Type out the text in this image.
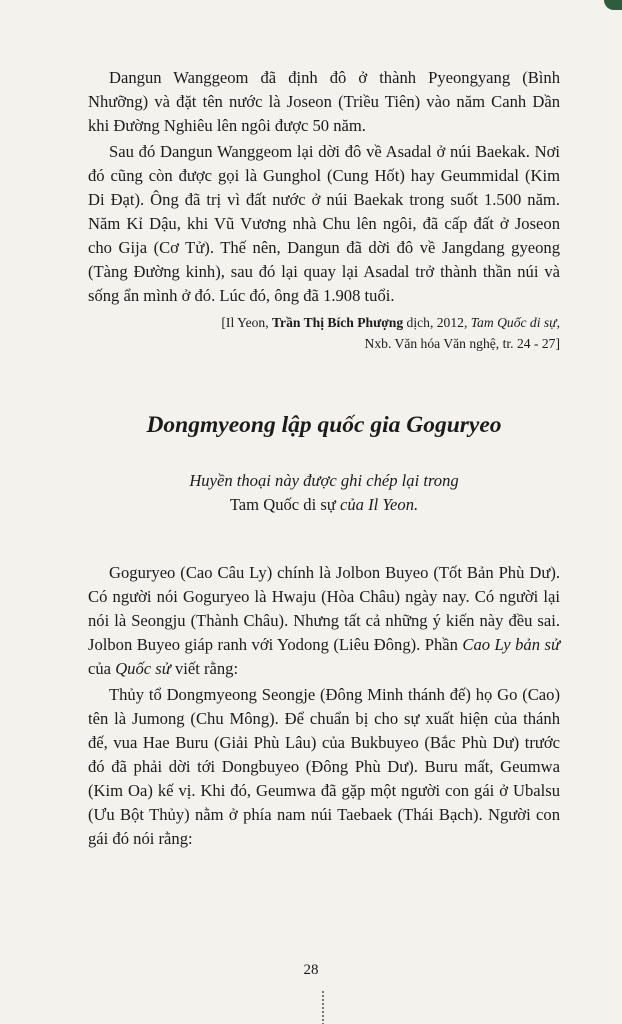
Dangun Wanggeom đã định đô ở thành Pyeongyang (Bình Nhưỡng) và đặt tên nước là Joseon (Triều Tiên) vào năm Canh Dần khi Đường Nghiêu lên ngôi được 50 năm.

Sau đó Dangun Wanggeom lại dời đô về Asadal ở núi Baekak. Nơi đó cũng còn được gọi là Gunghol (Cung Hốt) hay Geummidal (Kim Di Đạt). Ông đã trị vì đất nước ở núi Baekak trong suốt 1.500 năm. Năm Kỉ Dậu, khi Vũ Vương nhà Chu lên ngôi, đã cấp đất ở Joseon cho Gija (Cơ Tử). Thế nên, Dangun đã dời đô về Jangdang gyeong (Tàng Đường kinh), sau đó lại quay lại Asadal trở thành thần núi và sống ẩn mình ở đó. Lúc đó, ông đã 1.908 tuổi.

[Il Yeon, Trần Thị Bích Phượng dịch, 2012, Tam Quốc di sự,
Nxb. Văn hóa Văn nghệ, tr. 24 - 27]
Dongmyeong lập quốc gia Goguryeo
Huyền thoại này được ghi chép lại trong
Tam Quốc di sự của Il Yeon.

Goguryeo (Cao Câu Ly) chính là Jolbon Buyeo (Tốt Bản Phù Dư). Có người nói Goguryeo là Hwaju (Hòa Châu) ngày nay. Có người lại nói là Seongju (Thành Châu). Nhưng tất cả những ý kiến này đều sai. Jolbon Buyeo giáp ranh với Yodong (Liêu Đông). Phần Cao Ly bản sử của Quốc sử viết rằng:

Thủy tổ Dongmyeong Seongje (Đông Minh thánh đế) họ Go (Cao) tên là Jumong (Chu Mông). Để chuẩn bị cho sự xuất hiện của thánh đế, vua Hae Buru (Giải Phù Lâu) của Bukbuyeo (Bắc Phù Dư) trước đó đã phải dời tới Dongbuyeo (Đông Phù Dư). Buru mất, Geumwa (Kim Oa) kế vị. Khi đó, Geumwa đã gặp một người con gái ở Ubalsu (Ưu Bột Thủy) nằm ở phía nam núi Taebaek (Thái Bạch). Người con gái đó nói rằng:

28
